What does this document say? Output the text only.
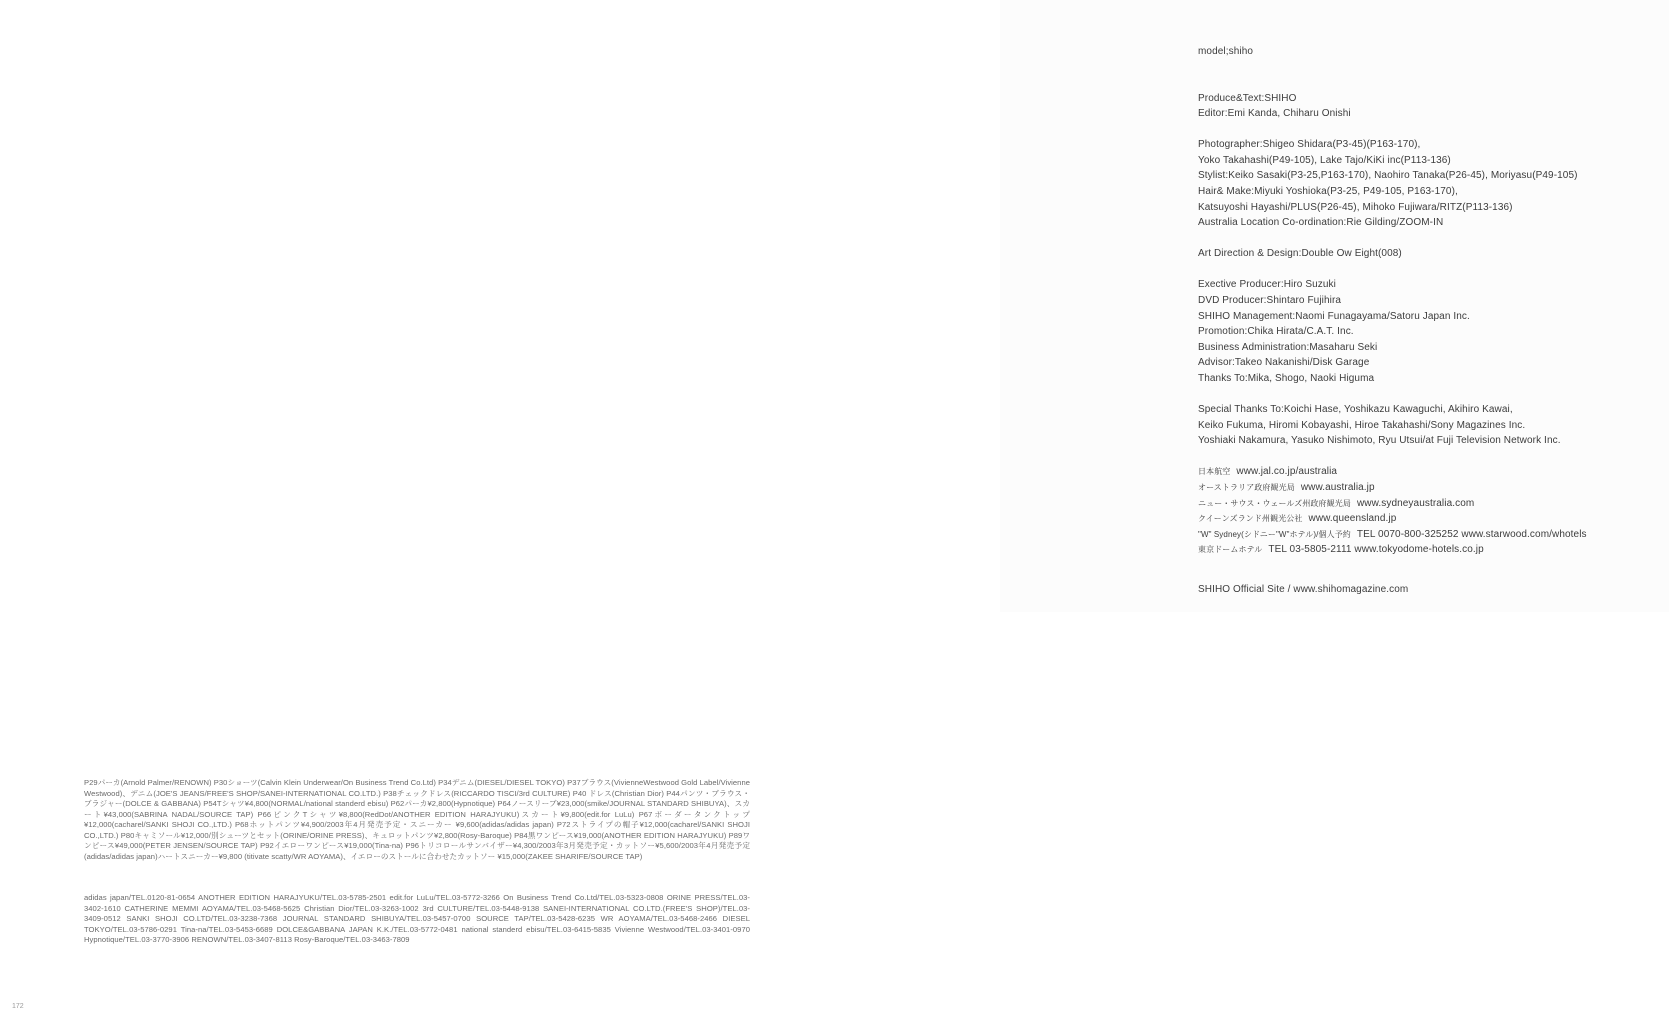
model;shiho
Produce&Text:SHIHO
Editor:Emi Kanda, Chiharu Onishi
Photographer:Shigeo Shidara(P3-45)(P163-170),
Yoko Takahashi(P49-105), Lake Tajo/KiKi inc(P113-136)
Stylist:Keiko Sasaki(P3-25,P163-170), Naohiro Tanaka(P26-45), Moriyasu(P49-105)
Hair& Make:Miyuki Yoshioka(P3-25, P49-105, P163-170),
Katsuyoshi Hayashi/PLUS(P26-45), Mihoko Fujiwara/RITZ(P113-136)
Australia Location Co-ordination:Rie Gilding/ZOOM-IN
Art Direction & Design:Double Ow Eight(008)
Exective Producer:Hiro Suzuki
DVD Producer:Shintaro Fujihira
SHIHO Management:Naomi Funagayama/Satoru Japan Inc.
Promotion:Chika Hirata/C.A.T. Inc.
Business Administration:Masaharu Seki
Advisor:Takeo Nakanishi/Disk Garage
Thanks To:Mika, Shogo, Naoki Higuma
Special Thanks To:Koichi Hase, Yoshikazu Kawaguchi, Akihiro Kawai,
Keiko Fukuma, Hiromi Kobayashi, Hiroe Takahashi/Sony Magazines Inc.
Yoshiaki Nakamura, Yasuko Nishimoto, Ryu Utsui/at Fuji Television Network Inc.
日本航空 www.jal.co.jp/australia
オーストラリア政府観光局 www.australia.jp
ニュー・サウス・ウェールズ州政府観光局 www.sydneyaustralia.com
クイーンズランド州観光公社 www.queensland.jp
"W" Sydney(シドニー"W"ホテル)/個人予約 TEL 0070-800-325252 www.starwood.com/whotels
東京ドームホテル TEL 03-5805-2111 www.tokyodome-hotels.co.jp
SHIHO Official Site / www.shihomagazine.com
P29パーカ(Arnold Palmer/RENOWN) P30ショーツ(Calvin Klein Underwear/On Business Trend Co.Ltd) P34デニム(DIESEL/DIESEL TOKYO) P37ブラウス(VivienneWestwood Gold Label/Vivienne Westwood)、デニム(JOE'S JEANS/FREE'S SHOP/SANEI-INTERNATIONAL CO.LTD.) P38チェックドレス(RICCARDO TISCI/3rd CULTURE) P40 ドレス(Christian Dior) P44パンツ・ブラウス・ブラジャー(DOLCE & GABBANA) P54Tシャツ¥4,800(NORMAL/national standerd ebisu) P62パーカ¥2,800(Hypnotique) P64ノースリーブ¥23,000(smike/JOURNAL STANDARD SHIBUYA)、スカート¥43,000(SABRINA NADAL/SOURCE TAP) P66ピンクTシャツ¥8,800(RedDot/ANOTHER EDITION HARAJYUKU)スカート¥9,800(edit.for LuLu) P67ボーダータンクトップ¥12,000(cacharel/SANKI SHOJI CO.,LTD.) P68ホットパンツ¥4,900/2003年4月発売予定・スニーカー ¥9,600(adidas/adidas japan) P72ストライプの帽子¥12,000(cacharel/SANKI SHOJI CO.,LTD.) P80キャミソール¥12,000/別シューツとセット(ORINE/ORINE PRESS)、キュロットパンツ¥2,800(Rosy-Baroque) P84黒ワンピース¥19,000(ANOTHER EDITION HARAJYUKU) P89ワンピース¥49,000(PETER JENSEN/SOURCE TAP) P92イエローワンピース¥19,000(Tina-na) P96トリコロールサンバイザー¥4,300/2003年3月発売予定・カットソー¥5,600/2003年4月発売予定(adidas/adidas japan)ハートスニーカー¥9,800 (titivate scatty/WR AOYAMA)、イエローのストールに合わせたカットソー ¥15,000(ZAKEE SHARIFE/SOURCE TAP)
adidas japan/TEL.0120-81-0654 ANOTHER EDITION HARAJYUKU/TEL.03-5785-2501 edit.for LuLu/TEL.03-5772-3266 On Business Trend Co.Ltd/TEL.03-5323-0808 ORINE PRESS/TEL.03-3402-1610 CATHERINE MEMMI AOYAMA/TEL.03-5468-5625 Christian Dior/TEL.03-3263-1002 3rd CULTURE/TEL.03-5448-9138 SANEI-INTERNATIONAL CO.LTD.(FREE'S SHOP)/TEL.03-3409-0512 SANKI SHOJI CO.LTD/TEL.03-3238-7368 JOURNAL STANDARD SHIBUYA/TEL.03-5457-0700 SOURCE TAP/TEL.03-5428-6235 WR AOYAMA/TEL.03-5468-2466 DIESEL TOKYO/TEL.03-5786-0291 Tina-na/TEL.03-5453-6689 DOLCE&GABBANA JAPAN K.K./TEL.03-5772-0481 national standerd ebisu/TEL.03-6415-5835 Vivienne Westwood/TEL.03-3401-0970 Hypnotique/TEL.03-3770-3906 RENOWN/TEL.03-3407-8113 Rosy-Baroque/TEL.03-3463-7809
172
